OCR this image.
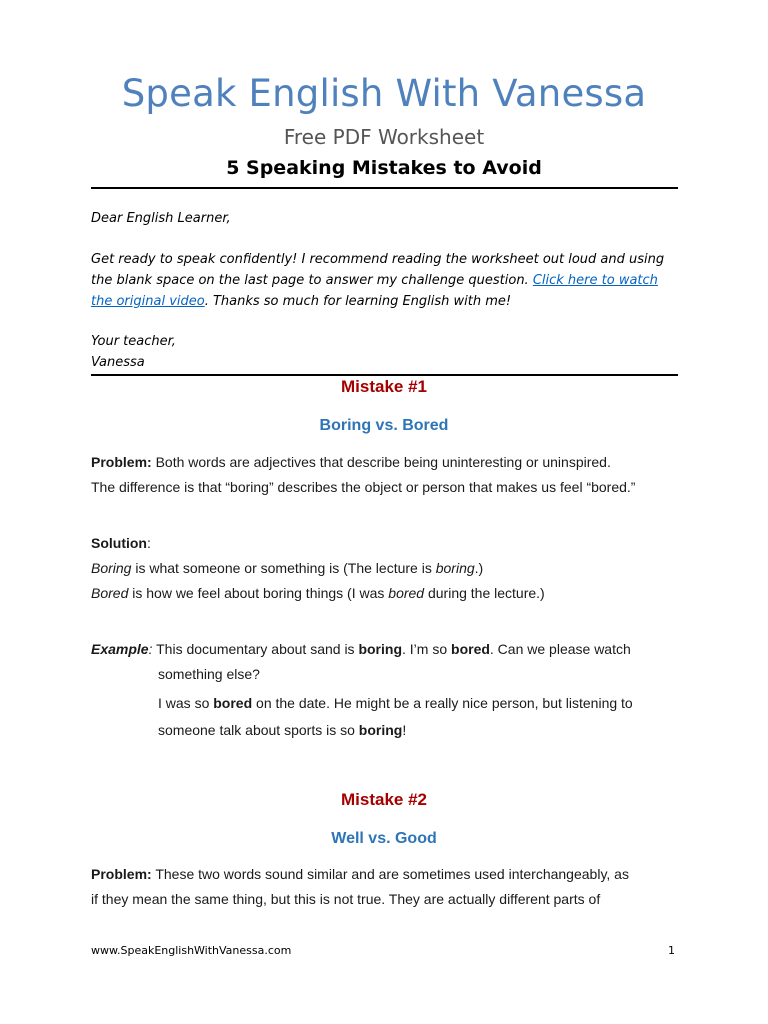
Speak English With Vanessa
Free PDF Worksheet
5 Speaking Mistakes to Avoid
Dear English Learner,
Get ready to speak confidently! I recommend reading the worksheet out loud and using the blank space on the last page to answer my challenge question. Click here to watch the original video. Thanks so much for learning English with me!
Your teacher,
Vanessa
Mistake #1
Boring vs. Bored
Problem: Both words are adjectives that describe being uninteresting or uninspired.
The difference is that “boring” describes the object or person that makes us feel “bored.”
Solution:
Boring is what someone or something is (The lecture is boring.)
Bored is how we feel about boring things (I was bored during the lecture.)
Example: This documentary about sand is boring. I’m so bored. Can we please watch
something else?
I was so bored on the date. He might be a really nice person, but listening to
someone talk about sports is so boring!
Mistake #2
Well vs. Good
Problem: These two words sound similar and are sometimes used interchangeably, as
if they mean the same thing, but this is not true. They are actually different parts of
www.SpeakEnglishWithVanessa.com	1
